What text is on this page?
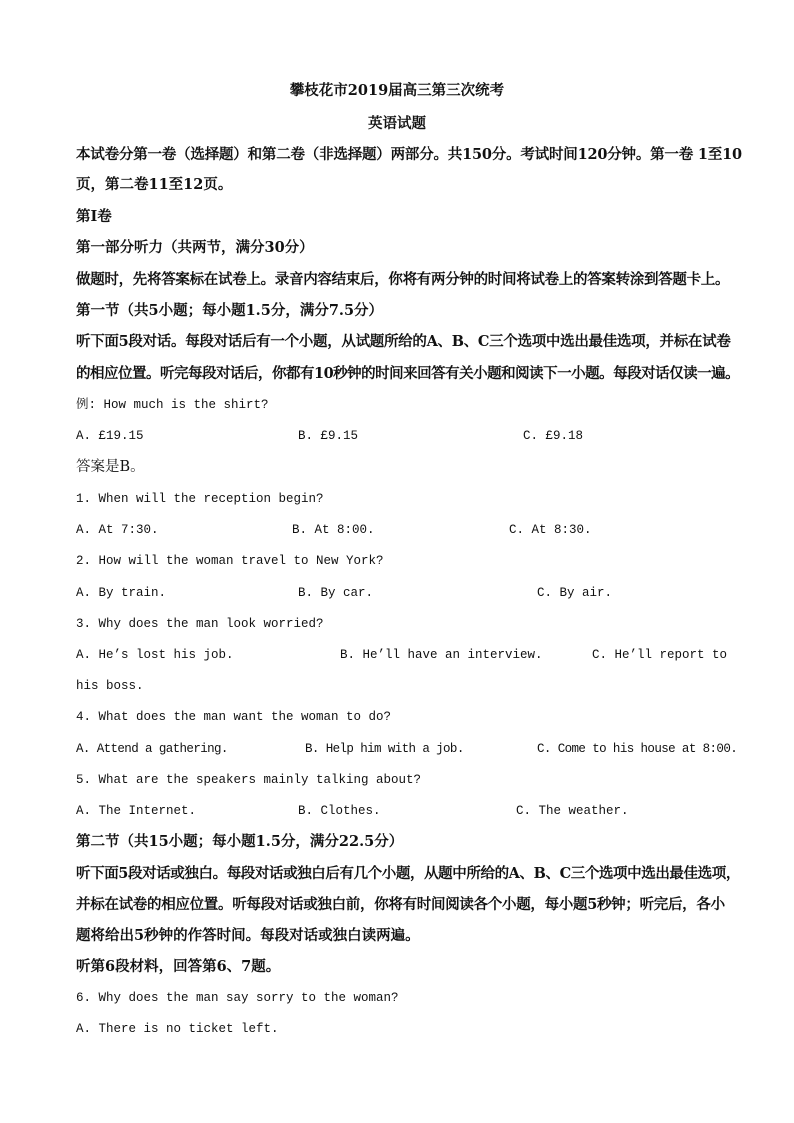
攀枝花市2019届高三第三次统考
英语试题
本试卷分第一卷（选择题）和第二卷（非选择题）两部分。共150分。考试时间120分钟。第一卷 1至10
页，第二卷11至12页。
第Ⅰ卷
第一部分听力（共两节，满分30分）
做题时，先将答案标在试卷上。录音内容结束后，你将有两分钟的时间将试卷上的答案转涂到答题卡上。
第一节（共5小题；每小题1.5分，满分7.5分）
听下面5段对话。每段对话后有一个小题，从试题所给的A、B、C三个选项中选出最佳选项，并标在试卷
的相应位置。听完每段对话后，你都有10秒钟的时间来回答有关小题和阅读下一小题。每段对话仅读一遍。
例: How much is the shirt?
A. £19.15	B. £9.15	C. £9.18
答案是B。
1. When will the reception begin?
A. At 7:30.	B. At 8:00.	C. At 8:30.
2. How will the woman travel to New York?
A. By train.	B. By car.	C. By air.
3. Why does the man look worried?
A. He’s lost his job.	B. He’ll have an interview.	C. He’ll report to
his boss.
4. What does the man want the woman to do?
A. Attend a gathering.	B. Help him with a job.	C. Come to his house at 8:00.
5. What are the speakers mainly talking about?
A. The Internet.	B. Clothes.	C. The weather.
第二节（共15小题；每小题1.5分，满分22.5分）
听下面5段对话或独白。每段对话或独白后有几个小题，从题中所给的A、B、C三个选项中选出最佳选项，
并标在试卷的相应位置。听每段对话或独白前，你将有时间阅读各个小题，每小题5秒钟；听完后，各小
题将给出5秒钟的作答时间。每段对话或独白读两遍。
听第6段材料，回答第6、7题。
6. Why does the man say sorry to the woman?
A. There is no ticket left.
